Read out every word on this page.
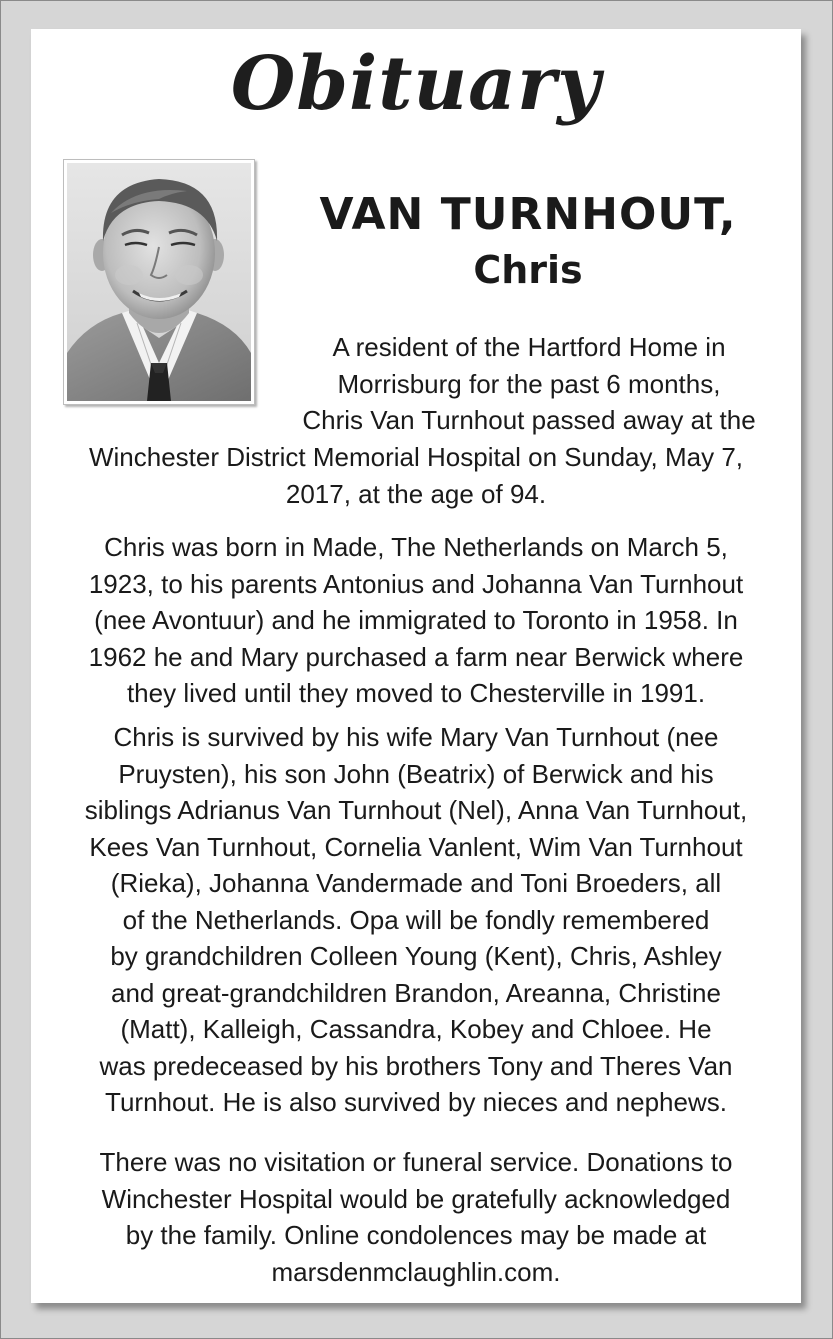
Obituary
VAN TURNHOUT,
Chris

A resident of the Hartford Home in
Morrisburg for the past 6 months,
Chris Van Turnhout passed away at the

Winchester District Memorial Hospital on Sunday, May 7,
2017, at the age of 94.

Chris was born in Made, The Netherlands on March 5,
1923, to his parents Antonius and Johanna Van Turnhout
(nee Avontuur) and he immigrated to Toronto in 1958. In
1962 he and Mary purchased a farm near Berwick where
they lived until they moved to Chesterville in 1991.

Chris is survived by his wife Mary Van Turnhout (nee
Pruysten), his son John (Beatrix) of Berwick and his
siblings Adrianus Van Turnhout (Nel), Anna Van Turnhout,
Kees Van Turnhout, Cornelia Vanlent, Wim Van Turnhout
(Rieka), Johanna Vandermade and Toni Broeders, all
of the Netherlands. Opa will be fondly remembered
by grandchildren Colleen Young (Kent), Chris, Ashley
and great-grandchildren Brandon, Areanna, Christine
(Matt), Kalleigh, Cassandra, Kobey and Chloee. He
was predeceased by his brothers Tony and Theres Van
Turnhout. He is also survived by nieces and nephews.

There was no visitation or funeral service. Donations to
Winchester Hospital would be gratefully acknowledged
by the family. Online condolences may be made at
marsdenmclaughlin.com.
